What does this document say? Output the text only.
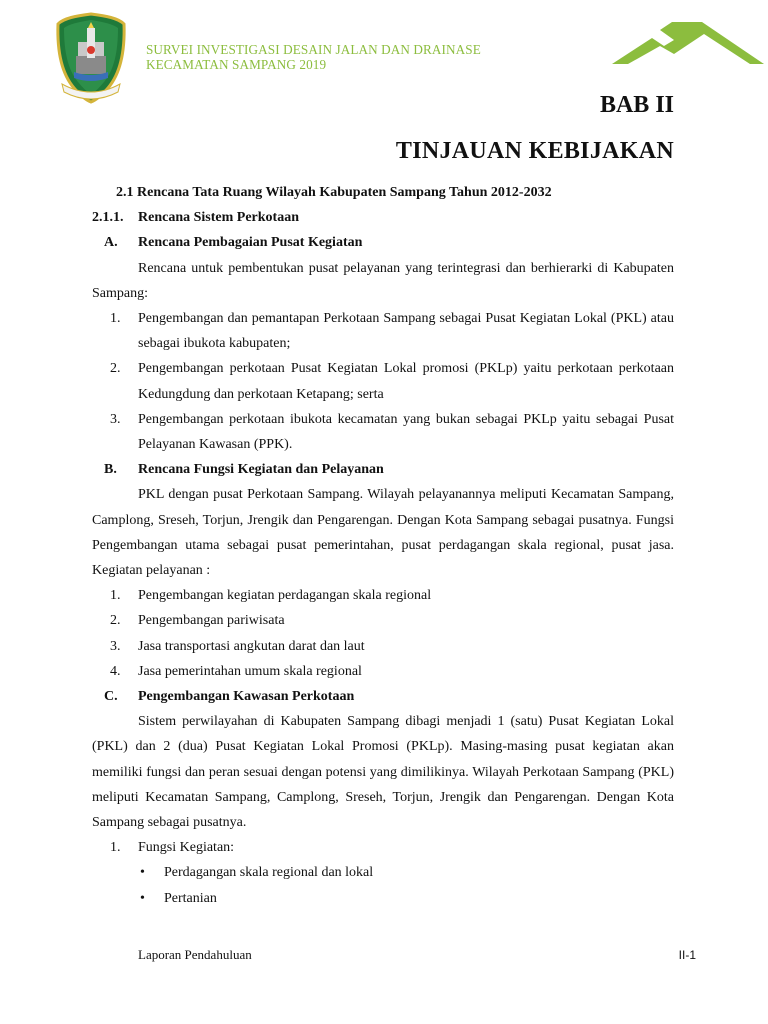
SURVEI INVESTIGASI DESAIN JALAN DAN DRAINASE
KECAMATAN SAMPANG 2019
BAB II
TINJAUAN KEBIJAKAN

2.1 Rencana Tata Ruang Wilayah Kabupaten Sampang Tahun 2012-2032

2.1.1.	Rencana Sistem Perkotaan
A.	Rencana Pembagaian Pusat Kegiatan

Rencana untuk pembentukan pusat pelayanan yang terintegrasi dan berhierarki di Kabupaten Sampang:

1.	Pengembangan dan pemantapan Perkotaan Sampang sebagai Pusat Kegiatan Lokal (PKL) atau sebagai ibukota kabupaten;
2.	Pengembangan perkotaan Pusat Kegiatan Lokal promosi (PKLp) yaitu perkotaan perkotaan Kedungdung dan perkotaan Ketapang; serta
3.	Pengembangan perkotaan ibukota kecamatan yang bukan sebagai PKLp yaitu sebagai Pusat Pelayanan Kawasan (PPK).
B.	Rencana Fungsi Kegiatan dan Pelayanan

PKL dengan pusat Perkotaan Sampang. Wilayah pelayanannya meliputi Kecamatan Sampang, Camplong, Sreseh, Torjun, Jrengik dan Pengarengan. Dengan Kota Sampang sebagai pusatnya. Fungsi Pengembangan utama sebagai pusat pemerintahan, pusat perdagangan skala regional, pusat jasa. Kegiatan pelayanan :

1.	Pengembangan kegiatan perdagangan skala regional
2.	Pengembangan pariwisata
3.	Jasa transportasi angkutan darat dan laut
4.	Jasa pemerintahan umum skala regional
C.	Pengembangan Kawasan Perkotaan

Sistem perwilayahan di Kabupaten Sampang dibagi menjadi 1 (satu) Pusat Kegiatan Lokal (PKL) dan 2 (dua) Pusat Kegiatan Lokal Promosi (PKLp). Masing-masing pusat kegiatan akan memiliki fungsi dan peran sesuai dengan potensi yang dimilikinya. Wilayah Perkotaan Sampang (PKL) meliputi Kecamatan Sampang, Camplong, Sreseh, Torjun, Jrengik dan Pengarengan. Dengan Kota Sampang sebagai pusatnya.

1.	Fungsi Kegiatan:
•	Perdagangan skala regional dan lokal
•	Pertanian
Laporan Pendahuluan	II-1
